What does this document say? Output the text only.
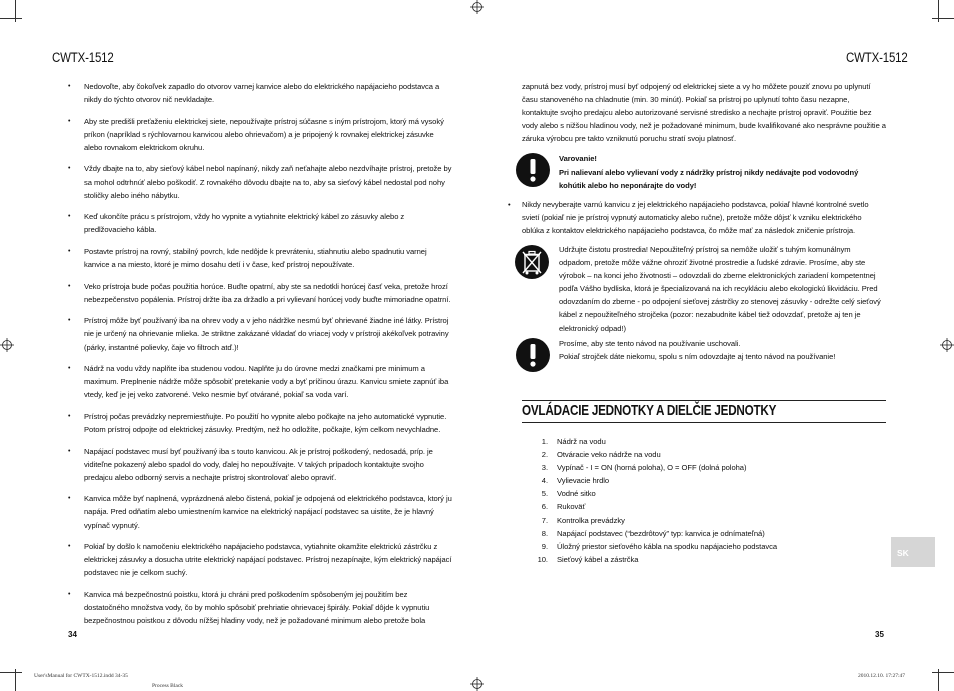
CWTX-1512	CWTX-1512
• Nedovoľte, aby čokoľvek zapadlo do otvorov varnej kanvice alebo do elektrického napájacieho podstavca a nikdy do týchto otvorov nič nevkladajte.
• Aby ste predišli preťaženiu elektrickej siete, nepoužívajte prístroj súčasne s iným prístrojom, ktorý má vysoký príkon (napríklad s rýchlovarnou kanvicou alebo ohrievačom) a je pripojený k rovnakej elektrickej zásuvke alebo rovnakom elektrickom okruhu.
• Vždy dbajte na to, aby sieťový kábel nebol napínaný, nikdy zaň neťahajte alebo nezdvíhajte prístroj, pretože by sa mohol odtrhnúť alebo poškodiť. Z rovnakého dôvodu dbajte na to, aby sa sieťový kábel nedostal pod nohy stoličky alebo iného nábytku.
• Keď ukončíte prácu s prístrojom, vždy ho vypnite a vytiahnite elektrický kábel zo zásuvky alebo z predlžovacieho kábla.
• Postavte prístroj na rovný, stabilný povrch, kde nedôjde k prevráteniu, stiahnutiu alebo spadnutiu varnej kanvice a na miesto, ktoré je mimo dosahu detí i v čase, keď prístroj nepoužívate.
• Veko prístroja bude počas použitia horúce. Buďte opatrní, aby ste sa nedotkli horúcej časť veka, pretože hrozí nebezpečenstvo popálenia. Prístroj držte iba za držadlo a pri vylievaní horúcej vody buďte mimoriadne opatrní.
• Prístroj môže byť používaný iba na ohrev vody a v jeho nádržke nesmú byť ohrievané žiadne iné látky. Prístroj nie je určený na ohrievanie mlieka. Je striktne zakázané vkladať do vriacej vody v prístroji akékoľvek potraviny (párky, instantné polievky, čaje vo filtroch atď.)!
• Nádrž na vodu vždy naplňte iba studenou vodou. Naplňte ju do úrovne medzi značkami pre minimum a maximum. Preplnenie nádrže môže spôsobiť pretekanie vody a byť príčinou úrazu. Kanvicu smiete zapnúť iba vtedy, keď je jej veko zatvorené. Veko nesmie byť otvárané, pokiaľ sa voda varí.
• Prístroj počas prevádzky nepremiestňujte. Po použití ho vypnite alebo počkajte na jeho automatické vypnutie. Potom prístroj odpojte od elektrickej zásuvky. Predtým, než ho odložíte, počkajte, kým celkom nevychladne.
• Napájací podstavec musí byť používaný iba s touto kanvicou. Ak je prístroj poškodený, nedosadá, príp. je viditeľne pokazený alebo spadol do vody, ďalej ho nepoužívajte. V takých prípadoch kontaktujte svojho predajcu alebo odborný servis a nechajte prístroj skontrolovať alebo opraviť.
• Kanvica môže byť naplnená, vyprázdnená alebo čistená, pokiaľ je odpojená od elektrického podstavca, ktorý ju napája. Pred odňatím alebo umiestnením kanvice na elektrický napájací podstavec sa uistite, že je hlavný vypínač vypnutý.
• Pokiaľ by došlo k namočeniu elektrického napájacieho podstavca, vytiahnite okamžite elektrickú zástrčku z elektrickej zásuvky a dosucha utrite elektrický napájací podstavec. Prístroj nezapínajte, kým elektrický napájací podstavec nie je celkom suchý.
• Kanvica má bezpečnostnú poistku, ktorá ju chráni pred poškodením spôsobeným jej použitím bez dostatočného množstva vody, čo by mohlo spôsobiť prehriatie ohrievacej špirály. Pokiaľ dôjde k vypnutiu bezpečnostnou poistkou z dôvodu nížšej hladiny vody, než je požadované minimum alebo pretože bola
34
zapnutá bez vody, prístroj musí byť odpojený od elektrickej siete a vy ho môžete pouziť znovu po uplynutí času stanoveného na chladnutie (min. 30 minút). Pokiaľ sa prístroj po uplynutí tohto času nezapne, kontaktujte svojho predajcu alebo autorizované servisné stredisko a nechajte prístroj opraviť. Pouźitie bez vody alebo s nižšou hladinou vody, než je požadované minimum, bude kvalifikované ako nesprávne použitie a záruka výrobcu pre takto vzniknutú poruchu stratí svoju platnosť.
Varovanie!
Pri nalievaní alebo vylievaní vody z nádržky prístroj nikdy nedávajte pod vodovodný kohútik alebo ho neponárajte do vody!
• Nikdy nevyberajte varnú kanvicu z jej elektrického napájacieho podstavca, pokiaľ hlavné kontrolné svetlo svietí (pokiaľ nie je prístroj vypnutý automaticky alebo ručne), pretože môže dôjsť k vzniku elektrického oblúka z kontaktov elektrického napájacieho podstavca, čo môže mať za následok zničenie prístroja.
Udržujte čistotu prostredia! Nepoužiteľný prístroj sa nemôže uložiť s tuhým komunálnym odpadom, pretože môže vážne ohroziť životné prostredie a ľudské zdravie. Prosíme, aby ste výrobok – na konci jeho životnosti – odovzdali do zberne elektronických zariadení kompetentnej podľa Vášho bydliska, ktorá je špecializovaná na ich recykláciu alebo ekologickú likvidáciu. Pred odovzdaním do zberne - po odpojení sieťovej zástrčky zo stenovej zásuvky - odrežte celý sieťový kábel z nepoužiteľného strojčeka (pozor: nezabudnite kábel tiež odovzdať, pretože aj ten je elektronický odpad!)
Prosíme, aby ste tento návod na používanie uschovali.
Pokiaľ strojček dáte niekomu, spolu s ním odovzdajte aj tento návod na používanie!
OVLÁDACIE JEDNOTKY A DIELČIE JEDNOTKY
1. Nádrž na vodu
2. Otváracie veko nádrže na vodu
3. Vypínač - I = ON (horná poloha), O = OFF (dolná poloha)
4. Vylievacie hrdlo
5. Vodné sitko
6. Rukoväť
7. Kontrolka prevádzky
8. Napájací podstavec (“bezdrôtový” typ: kanvica je odnímateľná)
9. Úložný priestor sieťového kábla na spodku napájacieho podstavca
10. Sieťový kábel a zástrčka
SK
35
User'sManual for CWTX-1512.indd 34-35
Process Black
2010.12.10. 17:27:47
